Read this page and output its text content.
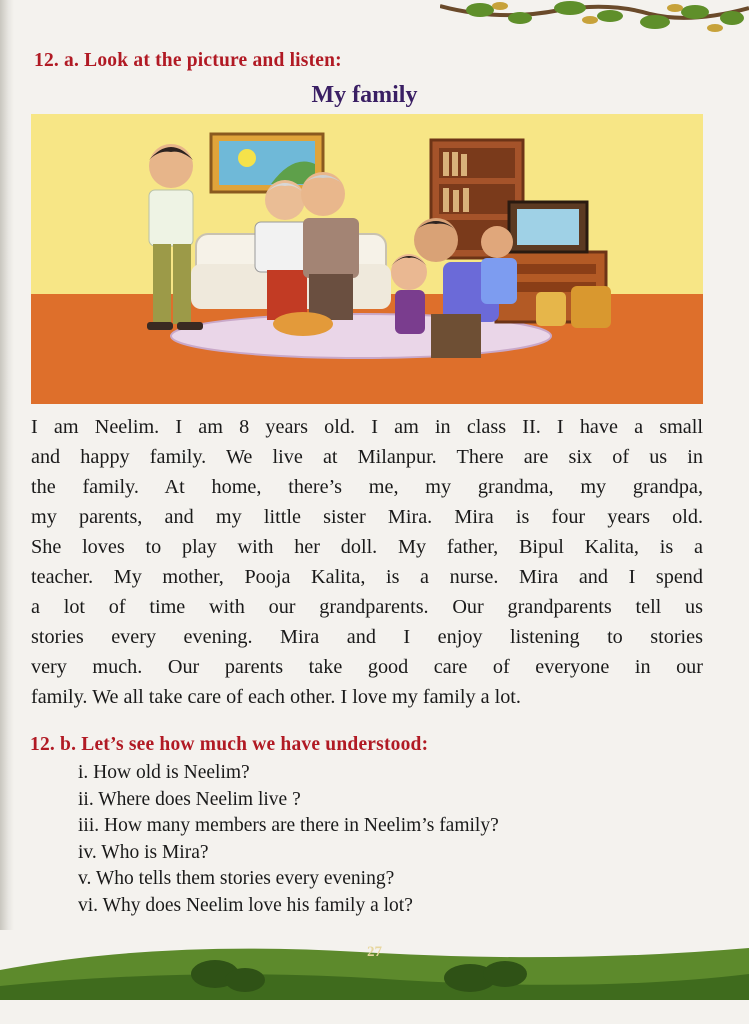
12. a. Look at the picture and listen:
My family
I am Neelim. I am 8 years old. I am in class II. I have a small
and happy family. We live at Milanpur. There are six of us in
the family. At home, there’s me, my grandma, my grandpa,
my parents, and my little sister Mira. Mira is four years old.
She loves to play with her doll. My father, Bipul Kalita, is a
teacher. My mother, Pooja Kalita, is a nurse. Mira and I spend
a lot of time with our grandparents. Our grandparents tell us
stories every evening. Mira and I enjoy listening to stories
very much. Our parents take good care of everyone in our
family. We all take care of each other. I love my family a lot.
12. b. Let’s see how much we have understood:
i. How old is Neelim?
ii. Where does Neelim live ?
iii. How many members are there in Neelim’s family?
iv. Who is Mira?
v. Who tells them stories every evening?
vi. Why does Neelim love his family a lot?
27
